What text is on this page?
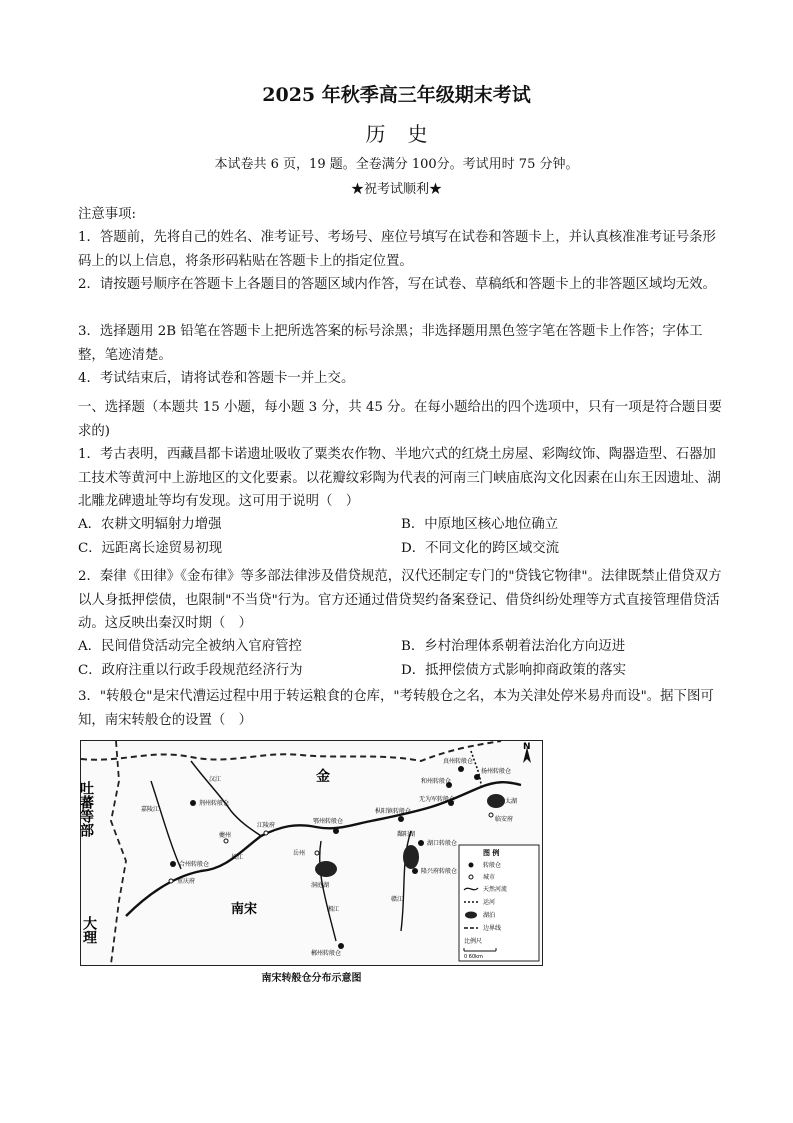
2025 年秋季高三年级期末考试
历史
本试卷共 6 页，19 题。全卷满分 100分。考试用时 75 分钟。
★祝考试顺利★
注意事项:
1．答题前，先将自己的姓名、准考证号、考场号、座位号填写在试卷和答题卡上，并认真核准准考证号条形码上的以上信息，将条形码粘贴在答题卡上的指定位置。
2．请按题号顺序在答题卡上各题目的答题区域内作答，写在试卷、草稿纸和答题卡上的非答题区域均无效。
3．选择题用 2B 铅笔在答题卡上把所选答案的标号涂黑；非选择题用黑色签字笔在答题卡上作答；字体工整，笔迹清楚。
4．考试结束后，请将试卷和答题卡一并上交。
一、选择题（本题共 15 小题，每小题 3 分，共 45 分。在每小题给出的四个选项中，只有一项是符合题目要求的)
1．考古表明，西藏昌都卡诺遗址吸收了粟类农作物、半地穴式的红烧土房屋、彩陶纹饰、陶器造型、石器加工技术等黄河中上游地区的文化要素。以花瓣纹彩陶为代表的河南三门峡庙底沟文化因素在山东王因遗址、湖北雕龙碑遗址等均有发现。这可用于说明（　）
A．农耕文明辐射力增强	B．中原地区核心地位确立
C．远距离长途贸易初现	D．不同文化的跨区域交流
2．秦律《田律》《金布律》等多部法律涉及借贷规范，汉代还制定专门的"贷钱它物律"。法律既禁止借贷双方以人身抵押偿债，也限制"不当贷"行为。官方还通过借贷契约备案登记、借贷纠纷处理等方式直接管理借贷活动。这反映出秦汉时期（　）
A．民间借贷活动完全被纳入官府管控	B．乡村治理体系朝着法治化方向迈进
C．政府注重以行政手段规范经济行为	D．抵押偿债方式影响抑商政策的落实
3．"转般仓"是宋代漕运过程中用于转运粮食的仓库，"考转般仓之名，本为关津处停米易舟而设"。据下图可知，南宋转般仓的设置（　）
吐蕃等部
金
南宋
大理
N
荆州转般仓
合州转般仓
鄂州转般仓
枞阳镇转般仓
真州转般仓
无为军转般仓
湖口转般仓
隆兴府转般仓
郴州转般仓
和州转般仓
扬州转般仓
夔州
江陵府
重庆府
岳州
临安府
长江
汉江
湘江
赣江
嘉陵江
洞庭湖
鄱阳湖
太湖
图 例
转般仓
城市
天然河流
运河
湖泊
边界线
比例尺
0 60km
南宋转般仓分布示意图
